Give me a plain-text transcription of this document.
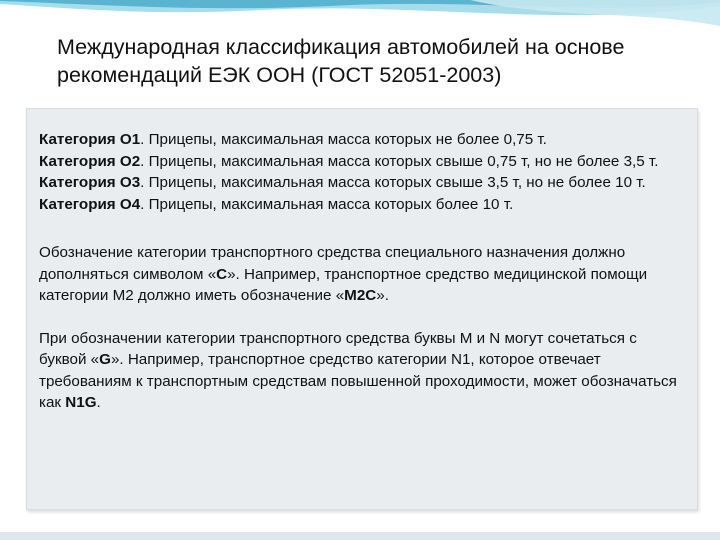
Международная классификация автомобилей на основе
рекомендаций ЕЭК ООН (ГОСТ 52051-2003)
Категория О1. Прицепы, максимальная масса которых не более 0,75 т.
Категория О2. Прицепы, максимальная масса которых свыше 0,75 т, но не более 3,5 т.
Категория О3. Прицепы, максимальная масса которых свыше 3,5 т, но не более 10 т.
Категория О4. Прицепы, максимальная масса которых более 10 т.
Обозначение категории транспортного средства специального назначения должно дополняться символом «С». Например, транспортное средство медицинской помощи категории М2 должно иметь обозначение «М2С».
При обозначении категории транспортного средства буквы М и N могут сочетаться с буквой «G». Например, транспортное средство категории N1, которое отвечает требованиям к транспортным средствам повышенной проходимости, может обозначаться как N1G.
